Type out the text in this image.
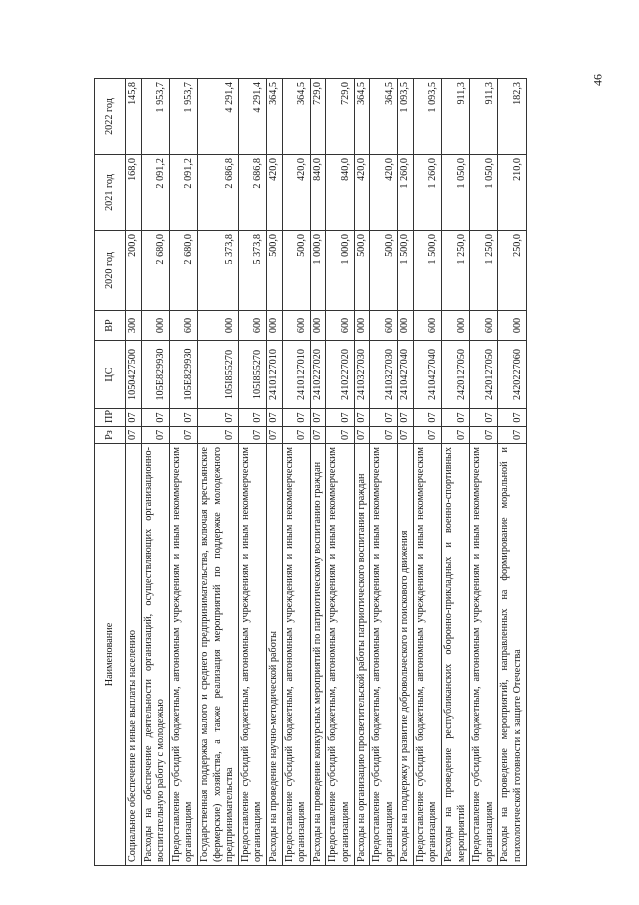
46
Наименование	Рз	ПР	ЦС	ВР	2020 год	2021 год	2022 год
Социальное обеспечение и иные выплаты населению	07	07	1050427500	300	200,0	168,0	145,8
Расходы на обеспечение деятельности организаций, осуществляющих организационно-воспитательную работу с молодежью	07	07	105E829930	000	2 680,0	2 091,2	1 953,7
Предоставление субсидий бюджетным, автономным учреждениям и иным некоммерческим организациям	07	07	105E829930	600	2 680,0	2 091,2	1 953,7
Государственная поддержка малого и среднего предпринимательства, включая крестьянские (фермерские) хозяйства, а также реализация мероприятий по поддержке молодежного предпринимательства	07	07	105I855270	000	5 373,8	2 686,8	4 291,4
Предоставление субсидий бюджетным, автономным учреждениям и иным некоммерческим организациям	07	07	105I855270	600	5 373,8	2 686,8	4 291,4
Расходы на проведение научно-методической работы	07	07	2410127010	000	500,0	420,0	364,5
Предоставление субсидий бюджетным, автономным учреждениям и иным некоммерческим организациям	07	07	2410127010	600	500,0	420,0	364,5
Расходы на проведение конкурсных мероприятий по патриотическому воспитанию граждан	07	07	2410227020	000	1 000,0	840,0	729,0
Предоставление субсидий бюджетным, автономным учреждениям и иным некоммерческим организациям	07	07	2410227020	600	1 000,0	840,0	729,0
Расходы на организацию просветительской работы патриотического воспитания граждан	07	07	2410327030	000	500,0	420,0	364,5
Предоставление субсидий бюджетным, автономным учреждениям и иным некоммерческим организациям	07	07	2410327030	600	500,0	420,0	364,5
Расходы на поддержку и развитие добровольческого и поискового движения	07	07	2410427040	000	1 500,0	1 260,0	1 093,5
Предоставление субсидий бюджетным, автономным учреждениям и иным некоммерческим организациям	07	07	2410427040	600	1 500,0	1 260,0	1 093,5
Расходы на проведение республиканских оборонно-прикладных и военно-спортивных мероприятий	07	07	2420127050	000	1 250,0	1 050,0	911,3
Предоставление субсидий бюджетным, автономным учреждениям и иным некоммерческим организациям	07	07	2420127050	600	1 250,0	1 050,0	911,3
Расходы на проведение мероприятий, направленных на формирование моральной и психологической готовности к защите Отечества	07	07	2420227060	000	250,0	210,0	182,3
